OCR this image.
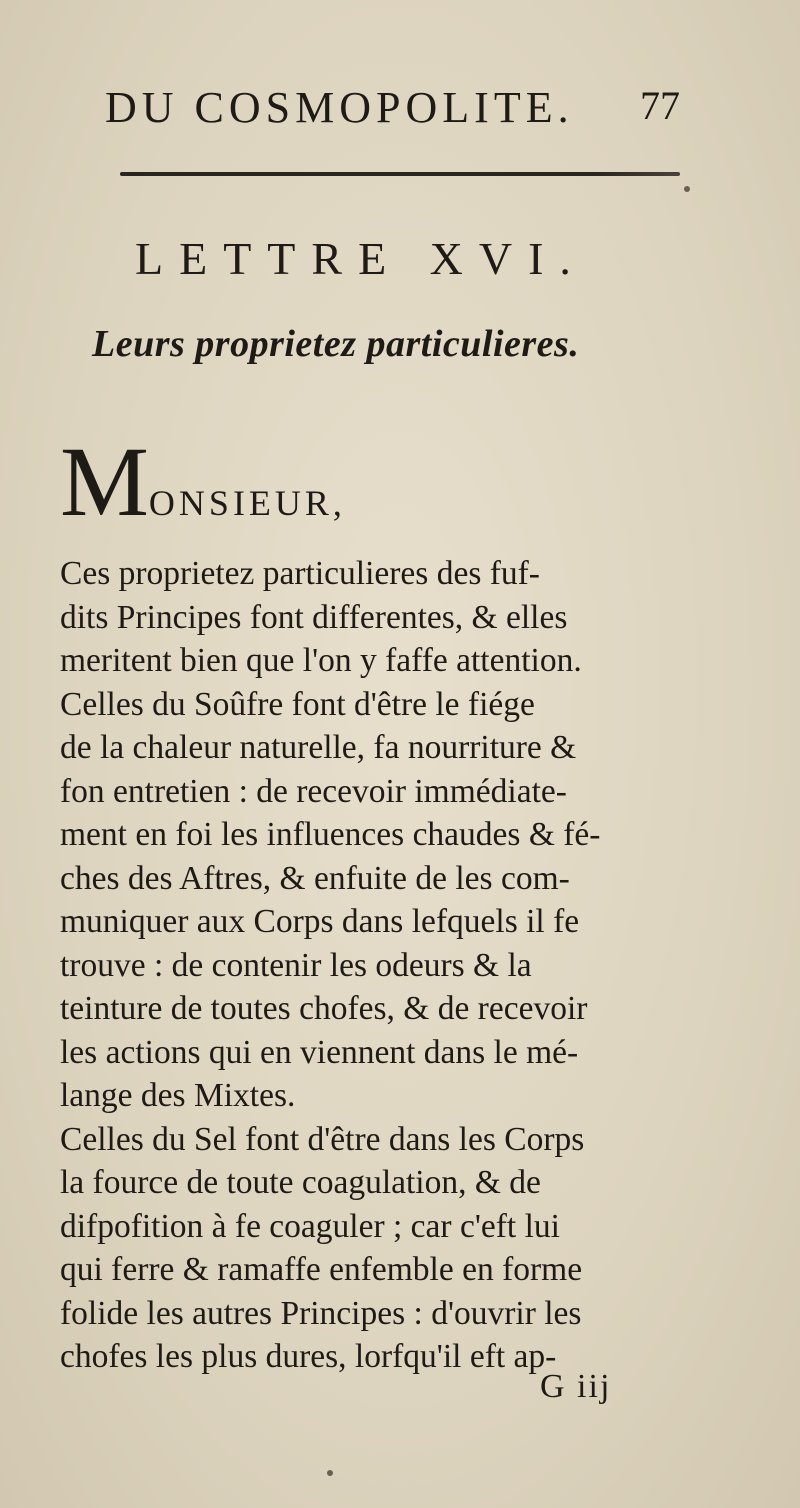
DU COSMOPOLITE. 77
LETTRE XVI.
Leurs proprietez particulieres.
MONSIEUR,
Ces proprietez particulieres des fuf-
dits Principes font differentes, & elles
meritent bien que l'on y faffe attention.
Celles du Soûfre font d'être le fiége
de la chaleur naturelle, fa nourriture &
fon entretien : de recevoir immédiate-
ment en foi les influences chaudes & fé-
ches des Aftres, & enfuite de les com-
muniquer aux Corps dans lefquels il fe
trouve : de contenir les odeurs & la
teinture de toutes chofes, & de recevoir
les actions qui en viennent dans le mé-
lange des Mixtes.
Celles du Sel font d'être dans les Corps
la fource de toute coagulation, & de
difpofition à fe coaguler ; car c'eft lui
qui ferre & ramaffe enfemble en forme
folide les autres Principes : d'ouvrir les
chofes les plus dures, lorfqu'il eft ap-
G iij
